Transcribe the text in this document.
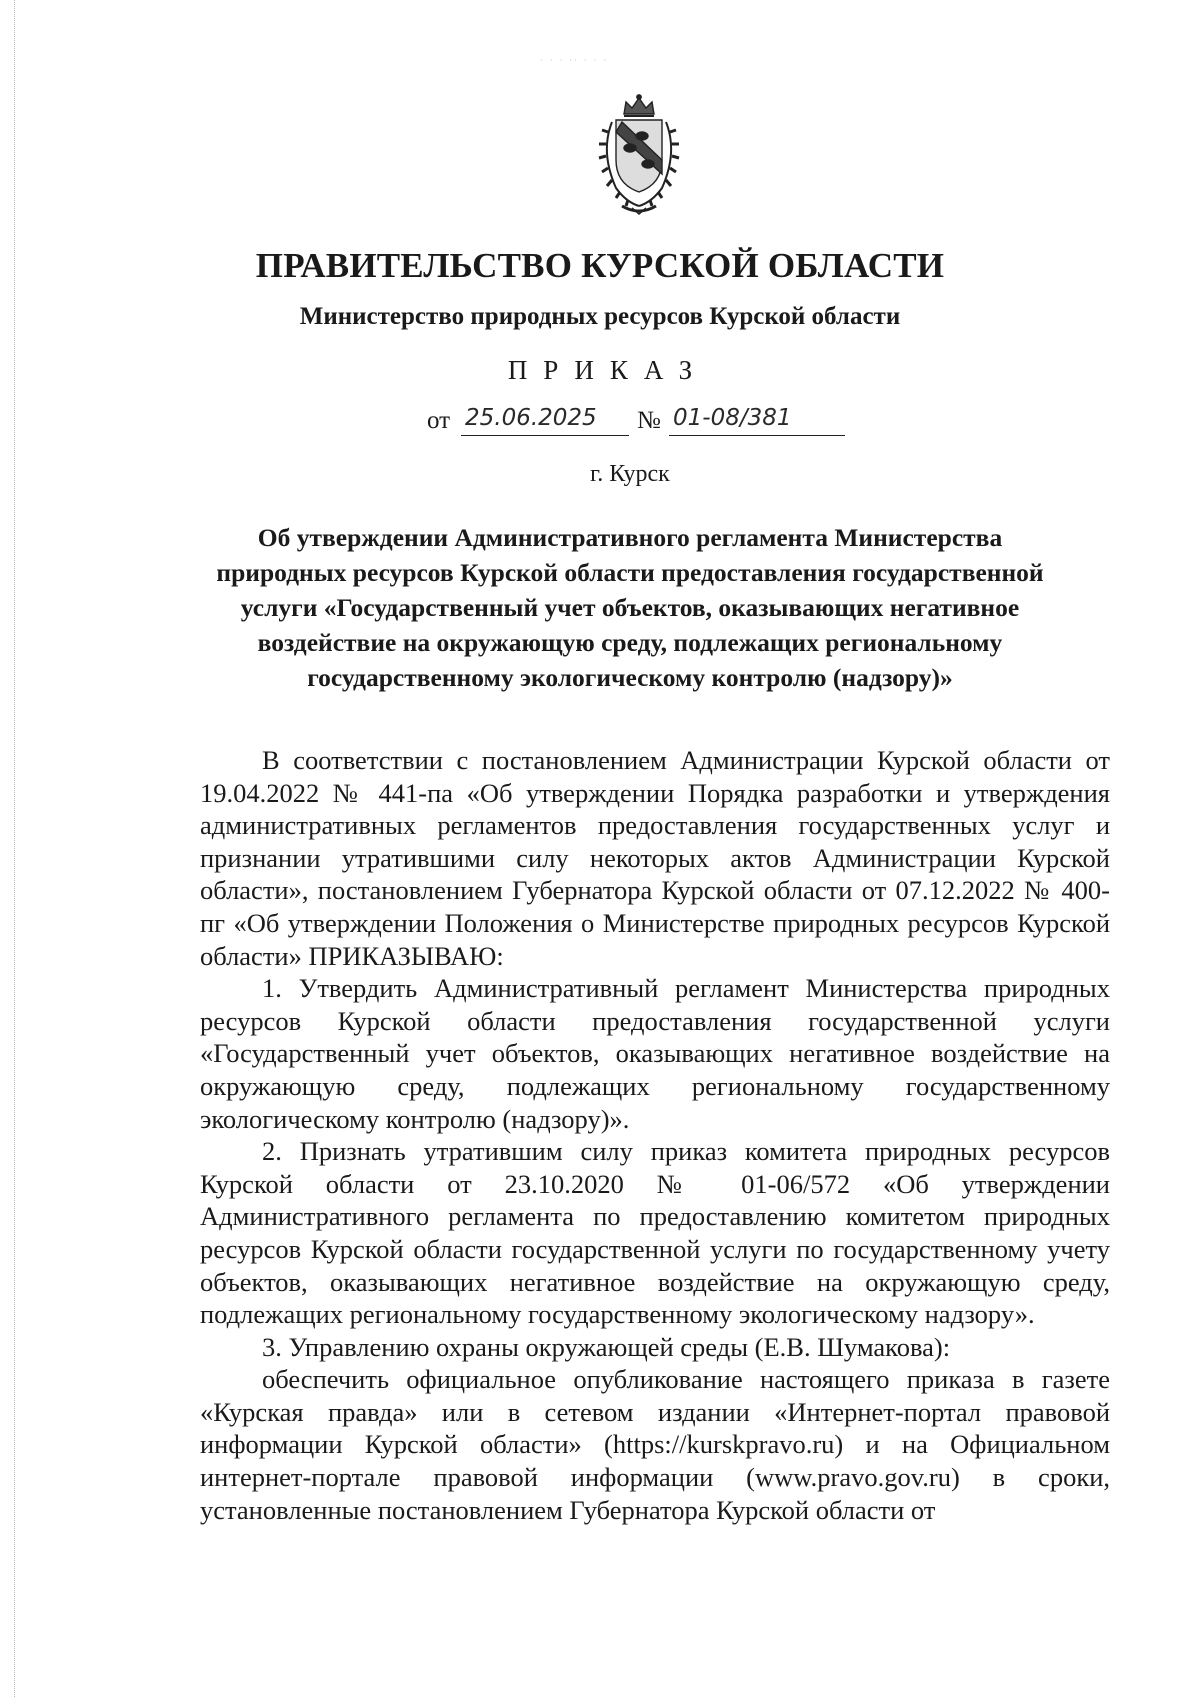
· · · ·· · · ·
ПРАВИТЕЛЬСТВО КУРСКОЙ ОБЛАСТИ
Министерство природных ресурсов Курской области
ПРИКАЗ
от 25.06.2025 № 01-08/381
г. Курск
Об утверждении Административного регламента Министерства природных ресурсов Курской области предоставления государственной услуги «Государственный учет объектов, оказывающих негативное воздействие на окружающую среду, подлежащих региональному государственному экологическому контролю (надзору)»

В соответствии с постановлением Администрации Курской области от 19.04.2022 № 441-па «Об утверждении Порядка разработки и утверждения административных регламентов предоставления государственных услуг и признании утратившими силу некоторых актов Администрации Курской области», постановлением Губернатора Курской области от 07.12.2022 № 400-пг «Об утверждении Положения о Министерстве природных ресурсов Курской области» ПРИКАЗЫВАЮ:

1. Утвердить Административный регламент Министерства природных ресурсов Курской области предоставления государственной услуги «Государственный учет объектов, оказывающих негативное воздействие на окружающую среду, подлежащих региональному государственному экологическому контролю (надзору)».

2. Признать утратившим силу приказ комитета природных ресурсов Курской области от 23.10.2020 № 01-06/572 «Об утверждении Административного регламента по предоставлению комитетом природных ресурсов Курской области государственной услуги по государственному учету объектов, оказывающих негативное воздействие на окружающую среду, подлежащих региональному государственному экологическому надзору».

3. Управлению охраны окружающей среды (Е.В. Шумакова):

обеспечить официальное опубликование настоящего приказа в газете «Курская правда» или в сетевом издании «Интернет-портал правовой информации Курской области» (https://kurskpravo.ru) и на Официальном интернет-портале правовой информации (www.pravo.gov.ru) в сроки, установленные постановлением Губернатора Курской области от
